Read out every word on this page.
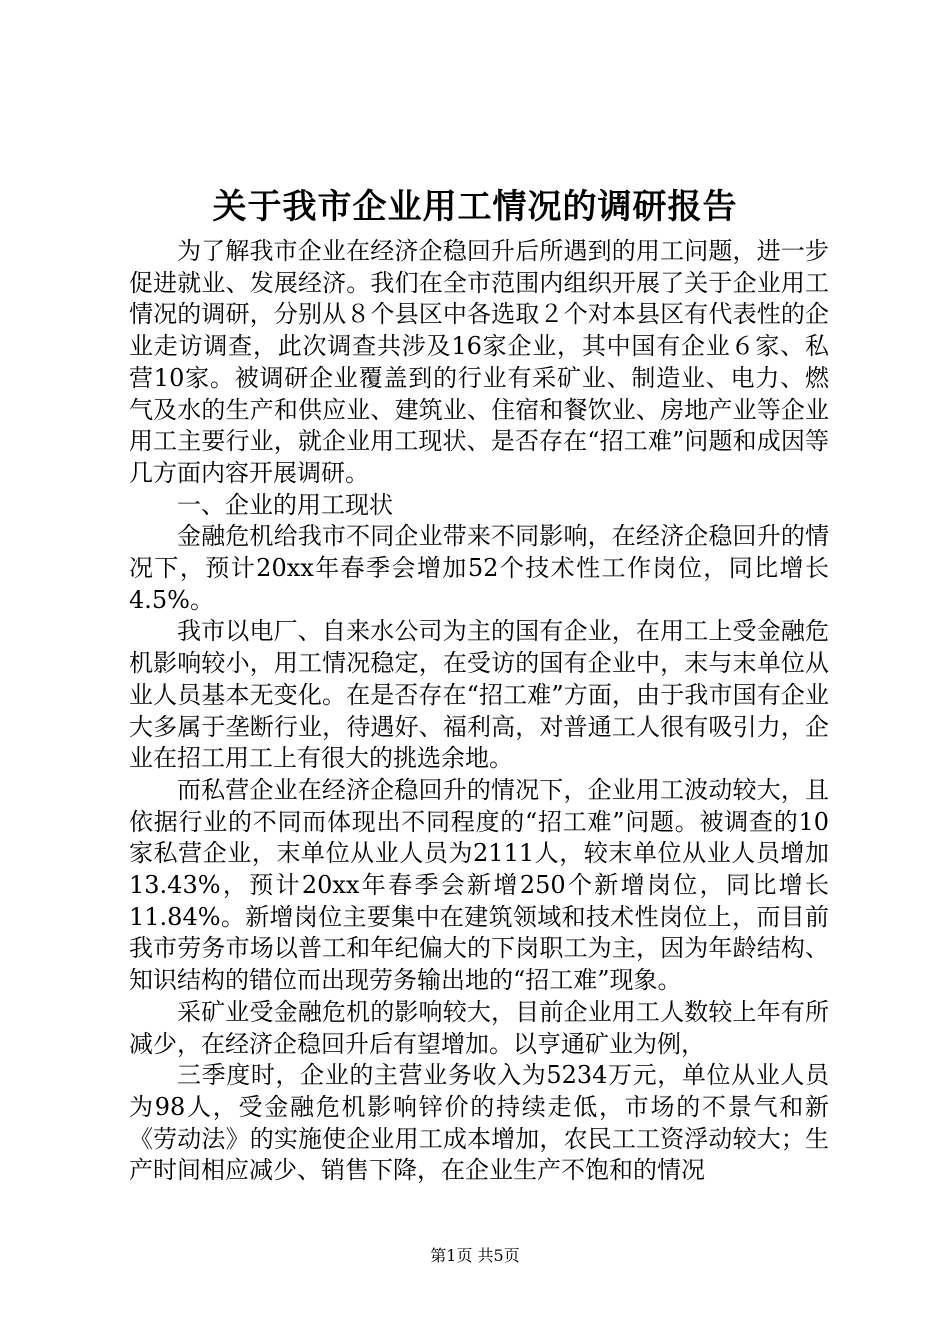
关于我市企业用工情况的调研报告

为了解我市企业在经济企稳回升后所遇到的用工问题，进一步促进就业、发展经济。我们在全市范围内组织开展了关于企业用工情况的调研，分别从８个县区中各选取２个对本县区有代表性的企业走访调查，此次调查共涉及16家企业，其中国有企业６家、私营10家。被调研企业覆盖到的行业有采矿业、制造业、电力、燃气及水的生产和供应业、建筑业、住宿和餐饮业、房地产业等企业用工主要行业，就企业用工现状、是否存在“招工难”问题和成因等几方面内容开展调研。

一、企业的用工现状

金融危机给我市不同企业带来不同影响，在经济企稳回升的情况下，预计20xx年春季会增加52个技术性工作岗位，同比增长4.5%。

我市以电厂、自来水公司为主的国有企业，在用工上受金融危机影响较小，用工情况稳定，在受访的国有企业中，末与末单位从业人员基本无变化。在是否存在“招工难”方面，由于我市国有企业大多属于垄断行业，待遇好、福利高，对普通工人很有吸引力，企业在招工用工上有很大的挑选余地。

而私营企业在经济企稳回升的情况下，企业用工波动较大，且依据行业的不同而体现出不同程度的“招工难”问题。被调查的10家私营企业，末单位从业人员为2111人，较末单位从业人员增加13.43%，预计20xx年春季会新增250个新增岗位，同比增长11.84%。新增岗位主要集中在建筑领域和技术性岗位上，而目前我市劳务市场以普工和年纪偏大的下岗职工为主，因为年龄结构、知识结构的错位而出现劳务输出地的“招工难”现象。

采矿业受金融危机的影响较大，目前企业用工人数较上年有所减少，在经济企稳回升后有望增加。以亨通矿业为例，

三季度时，企业的主营业务收入为5234万元，单位从业人员为98人，受金融危机影响锌价的持续走低，市场的不景气和新《劳动法》的实施使企业用工成本增加，农民工工资浮动较大；生产时间相应减少、销售下降，在企业生产不饱和的情况

第1页 共5页
